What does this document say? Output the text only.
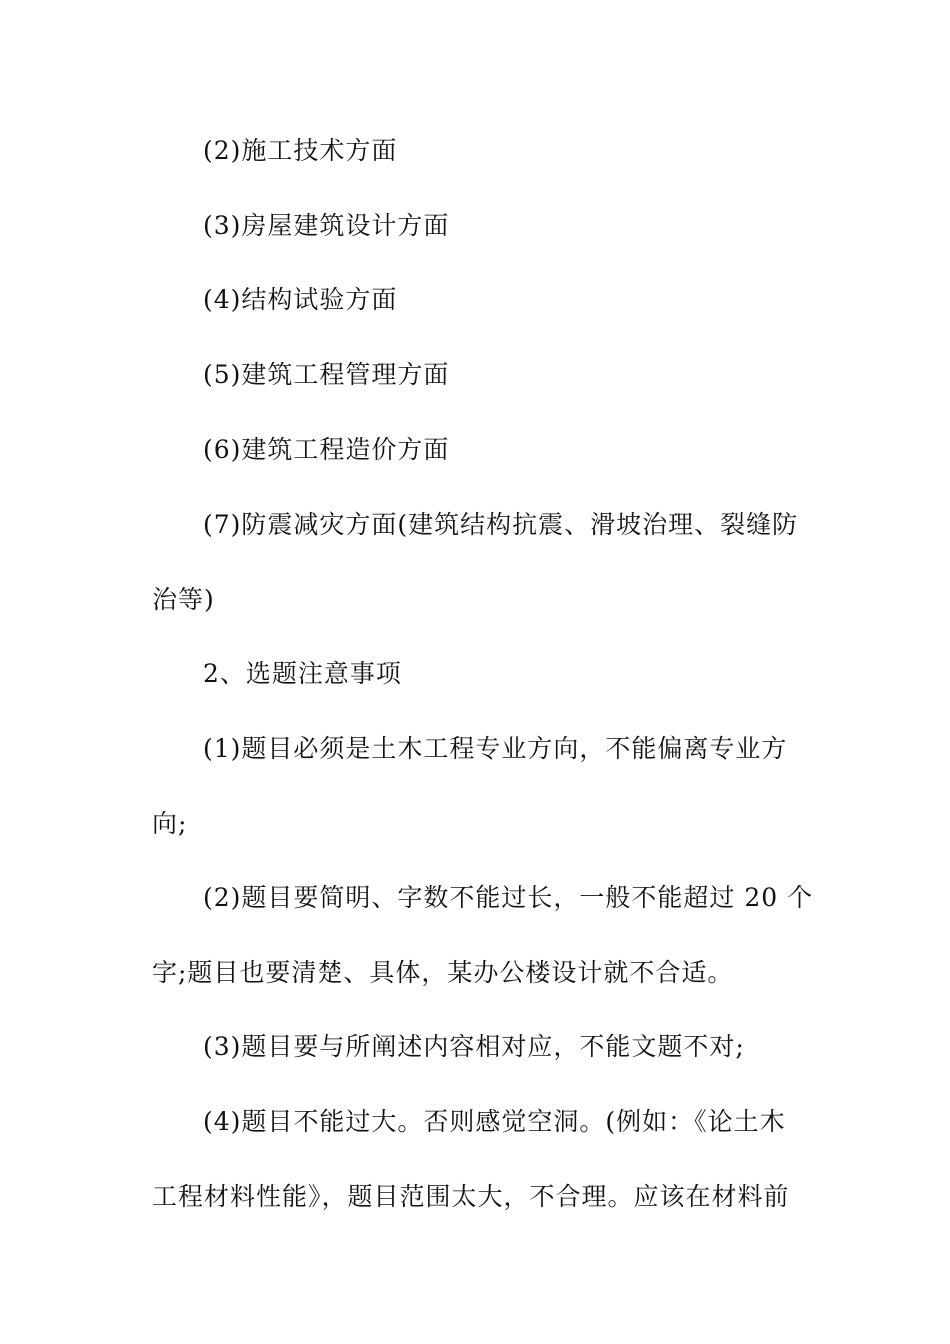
(2)施工技术方面
(3)房屋建筑设计方面
(4)结构试验方面
(5)建筑工程管理方面
(6)建筑工程造价方面
(7)防震减灾方面(建筑结构抗震、滑坡治理、裂缝防
治等)
2、选题注意事项
(1)题目必须是土木工程专业方向，不能偏离专业方
向;
(2)题目要简明、字数不能过长，一般不能超过 20 个
字;题目也要清楚、具体，某办公楼设计就不合适。
(3)题目要与所阐述内容相对应，不能文题不对;
(4)题目不能过大。否则感觉空洞。(例如：《论土木
工程材料性能》，题目范围太大，不合理。应该在材料前
